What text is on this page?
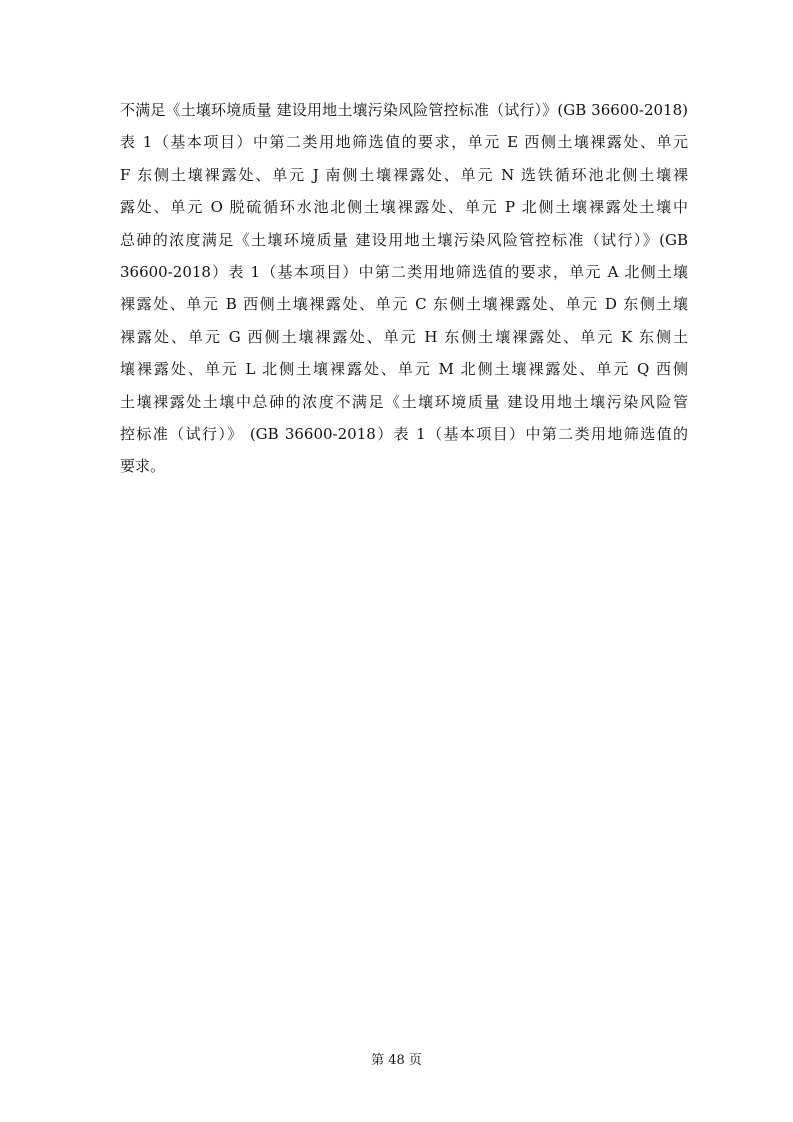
不满足《土壤环境质量 建设用地土壤污染风险管控标准（试行）》(GB 36600-2018)
表 1（基本项目）中第二类用地筛选值的要求，单元 E 西侧土壤裸露处、单元
F 东侧土壤裸露处、单元 J 南侧土壤裸露处、单元 N 选铁循环池北侧土壤裸
露处、单元 O 脱硫循环水池北侧土壤裸露处、单元 P 北侧土壤裸露处土壤中
总砷的浓度满足《土壤环境质量 建设用地土壤污染风险管控标准（试行）》(GB
36600-2018）表 1（基本项目）中第二类用地筛选值的要求，单元 A 北侧土壤
裸露处、单元 B 西侧土壤裸露处、单元 C 东侧土壤裸露处、单元 D 东侧土壤
裸露处、单元 G 西侧土壤裸露处、单元 H 东侧土壤裸露处、单元 K 东侧土
壤裸露处、单元 L 北侧土壤裸露处、单元 M 北侧土壤裸露处、单元 Q 西侧
土壤裸露处土壤中总砷的浓度不满足《土壤环境质量 建设用地土壤污染风险管
控标准（试行）》 (GB 36600-2018）表 1（基本项目）中第二类用地筛选值的
要求。
第 48 页
